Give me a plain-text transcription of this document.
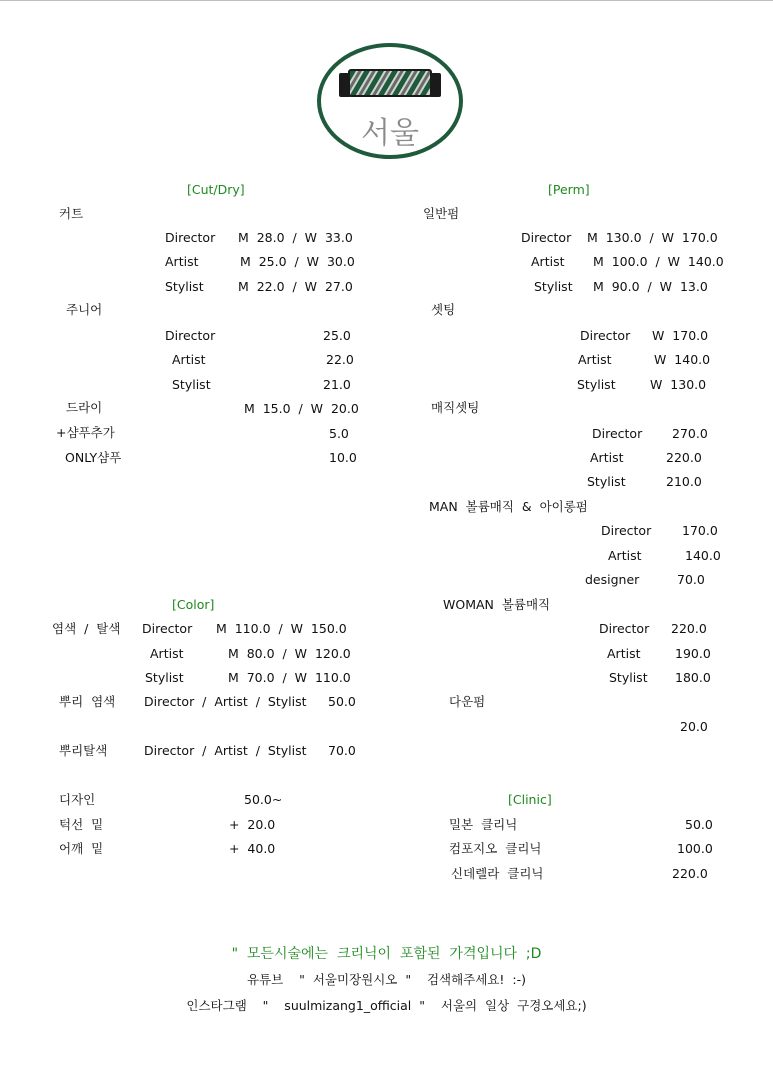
서울
[Cut/Dry]
커트
Director M  28.0  /  W  33.0
Artist	M  25.0  /  W  30.0
Stylist	M  22.0  /  W  27.0
주니어
Director	25.0
Artist	22.0
Stylist	21.0
드라이	M  15.0  /  W  20.0
+샴푸추가	5.0
ONLY샴푸	10.0
[Perm]
일반펌
Director M  130.0  /  W  170.0
Artist M  100.0  /  W  140.0
Stylist M  90.0  /  W  13.0
셋팅
Director W  170.0
Artist	W  140.0
Stylist	W  130.0
매직셋팅
Director 270.0
Artist	220.0
Stylist	210.0
MAN  볼륨매직  &  아이롱펌
Director 170.0
Artist	140.0
designer	70.0
WOMAN  볼륨매직
Director 220.0
Artist	190.0
Stylist 180.0
다운펌
20.0
[Color]
염색  /  탈색 Director M  110.0  /  W  150.0
Artist	M  80.0  /  W  120.0
Stylist	M  70.0  /  W  110.0
뿌리  염색 Director  /  Artist  /  Stylist 50.0
뿌리탈색	Director  /  Artist  /  Stylist 70.0
디자인	50.0~
턱선  밑	+  20.0
어깨  밑	+  40.0
[Clinic]
밀본  클리닉	50.0
컴포지오  클리닉	100.0
신데렐라  클리닉	220.0
"  모든시술에는  크리닉이  포함된  가격입니다  ;D
유튜브    "  서울미장원시오  "    검색해주세요!  :-)
인스타그램    "    suulmizang1_official  "    서울의  일상  구경오세요;)
